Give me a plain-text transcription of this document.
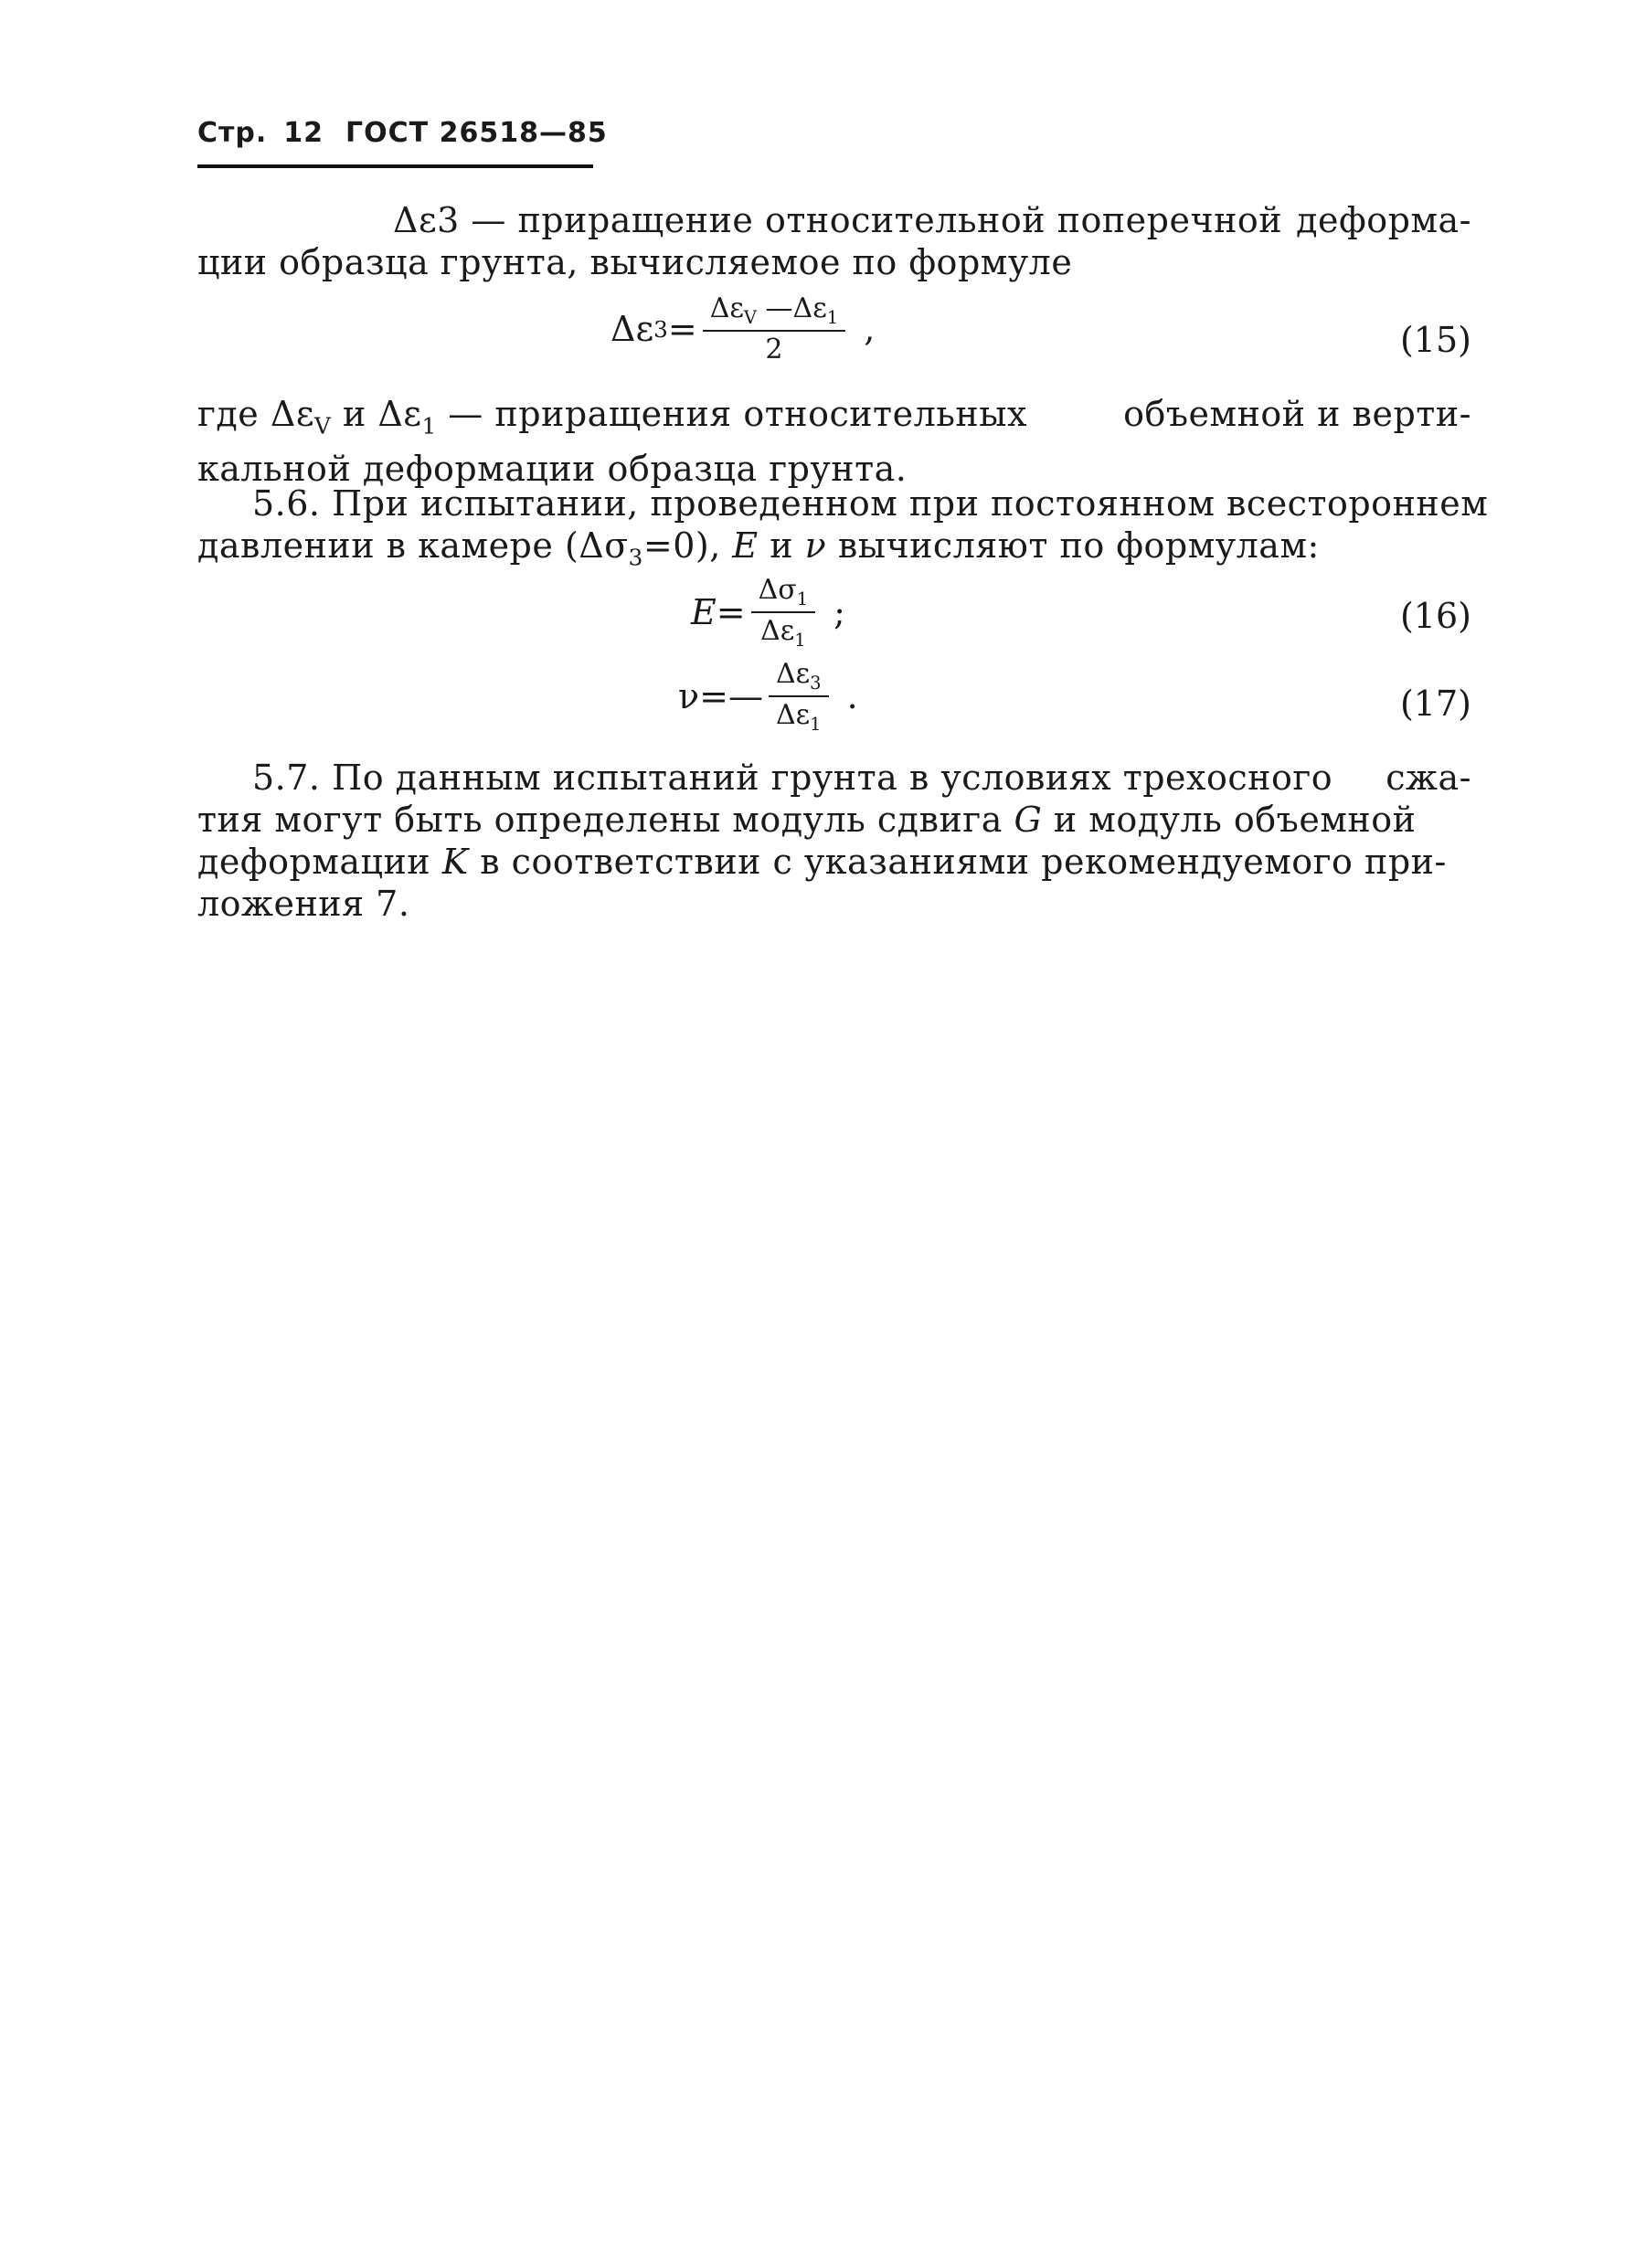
Стр. 12 ГОСТ 26518—85
Δε3 — приращение относительной поперечной деформа-
ции образца грунта, вычисляемое по формуле
Δε $3 = \frac{\Delta\varepsilon_V —\Delta\varepsilon_1}{2}$ ,	(15)
где $\Delta\varepsilon_V$ и $\Delta\varepsilon_1$ — приращения относительных	объемной и верти-
кальной деформации образца грунта.
5.6. При испытании, проведенном при постоянном всестороннем
давлении в камере $(\Delta\sigma_3=0)$, E и ν вычисляют по формулам:
$E = \frac{\Delta\sigma_1}{\Delta\varepsilon_1}$ ;	(16)
ν =— $\frac{\Delta\varepsilon_3}{\Delta\varepsilon_1}$ .	(17)
5.7. По данным испытаний грунта в условиях трехосного сжа-
тия могут быть определены модуль сдвига G и модуль объемной
деформации K в соответствии с указаниями рекомендуемого при-
ложения 7.
